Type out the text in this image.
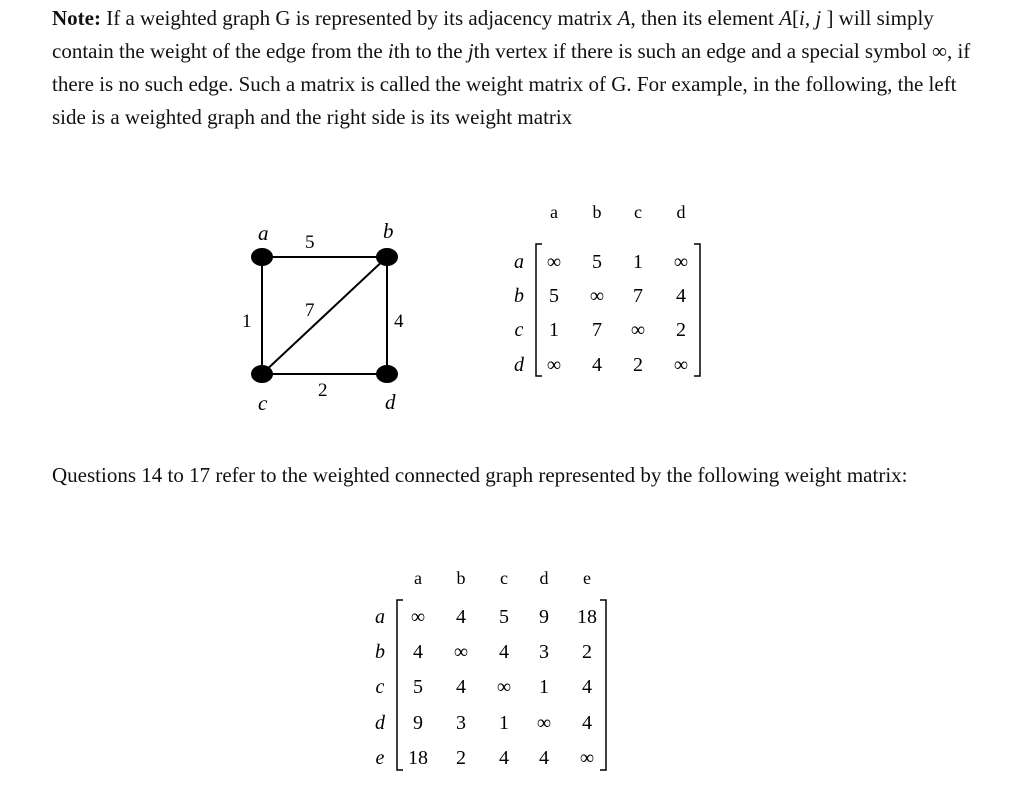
Note: If a weighted graph G is represented by its adjacency matrix A, then its element A[i, j ] will simply contain the weight of the edge from the ith to the jth vertex if there is such an edge and a special symbol ∞, if there is no such edge. Such a matrix is called the weight matrix of G. For example, in the following, the left side is a weighted graph and the right side is its weight matrix

a	b
c	d
5
1
7
4
2
a b c d
a ∞ 5 1 ∞
b 5 ∞ 7 4
c 1 7 ∞ 2
d ∞ 4 2 ∞
a b c d e
a ∞ 4 5 9 18
b 4 ∞ 4 3 2
c 5 4 ∞ 1 4
d 9 3 1 ∞ 4
e 18 2 4 4 ∞

Questions 14 to 17 refer to the weighted connected graph represented by the following weight matrix:
